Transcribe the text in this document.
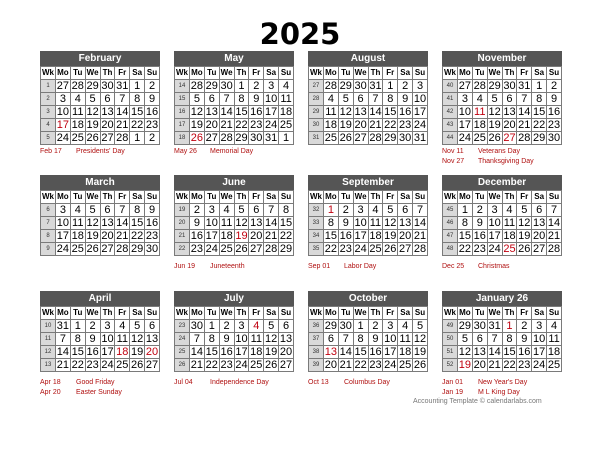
2025
February
Wk	Mo	Tu	We	Th	Fr	Sa	Su
1	27	28	29	30	31	1	2
2	3	4	5	6	7	8	9
3	10	11	12	13	14	15	16
4	17	18	19	20	21	22	23
5	24	25	26	27	28	1	2
Feb 17 Presidents' Day
March
Wk	Mo	Tu	We	Th	Fr	Sa	Su
6	3	4	5	6	7	8	9
7	10	11	12	13	14	15	16
8	17	18	19	20	21	22	23
9	24	25	26	27	28	29	30
April
Wk	Mo	Tu	We	Th	Fr	Sa	Su
10	31	1	2	3	4	5	6
11	7	8	9	10	11	12	13
12	14	15	16	17	18	19	20
13	21	22	23	24	25	26	27
Apr 18 Good Friday
Apr 20 Easter Sunday
May
Wk	Mo	Tu	We	Th	Fr	Sa	Su
14	28	29	30	1	2	3	4
15	5	6	7	8	9	10	11
16	12	13	14	15	16	17	18
17	19	20	21	22	23	24	25
18	26	27	28	29	30	31	1
May 26 Memorial Day
June
Wk	Mo	Tu	We	Th	Fr	Sa	Su
19	2	3	4	5	6	7	8
20	9	10	11	12	13	14	15
21	16	17	18	19	20	21	22
22	23	24	25	26	27	28	29
Jun 19 Juneteenth
July
Wk	Mo	Tu	We	Th	Fr	Sa	Su
23	30	1	2	3	4	5	6
24	7	8	9	10	11	12	13
25	14	15	16	17	18	19	20
26	21	22	23	24	25	26	27
Jul 04 Independence Day
August
Wk	Mo	Tu	We	Th	Fr	Sa	Su
27	28	29	30	31	1	2	3
28	4	5	6	7	8	9	10
29	11	12	13	14	15	16	17
30	18	19	20	21	22	23	24
31	25	26	27	28	29	30	31
September
Wk	Mo	Tu	We	Th	Fr	Sa	Su
32	1	2	3	4	5	6	7
33	8	9	10	11	12	13	14
34	15	16	17	18	19	20	21
35	22	23	24	25	26	27	28
Sep 01 Labor Day
October
Wk	Mo	Tu	We	Th	Fr	Sa	Su
36	29	30	1	2	3	4	5
37	6	7	8	9	10	11	12
38	13	14	15	16	17	18	19
39	20	21	22	23	24	25	26
Oct 13 Columbus Day
November
Wk	Mo	Tu	We	Th	Fr	Sa	Su
40	27	28	29	30	31	1	2
41	3	4	5	6	7	8	9
42	10	11	12	13	14	15	16
43	17	18	19	20	21	22	23
44	24	25	26	27	28	29	30
Nov 11 Veterans Day
Nov 27 Thanksgiving Day
December
Wk	Mo	Tu	We	Th	Fr	Sa	Su
45	1	2	3	4	5	6	7
46	8	9	10	11	12	13	14
47	15	16	17	18	19	20	21
48	22	23	24	25	26	27	28
Dec 25 Christmas
January 26
Wk	Mo	Tu	We	Th	Fr	Sa	Su
49	29	30	31	1	2	3	4
50	5	6	7	8	9	10	11
51	12	13	14	15	16	17	18
52	19	20	21	22	23	24	25
Jan 01 New Year's Day
Jan 19 M L King Day
Accounting Template © calendarlabs.com
